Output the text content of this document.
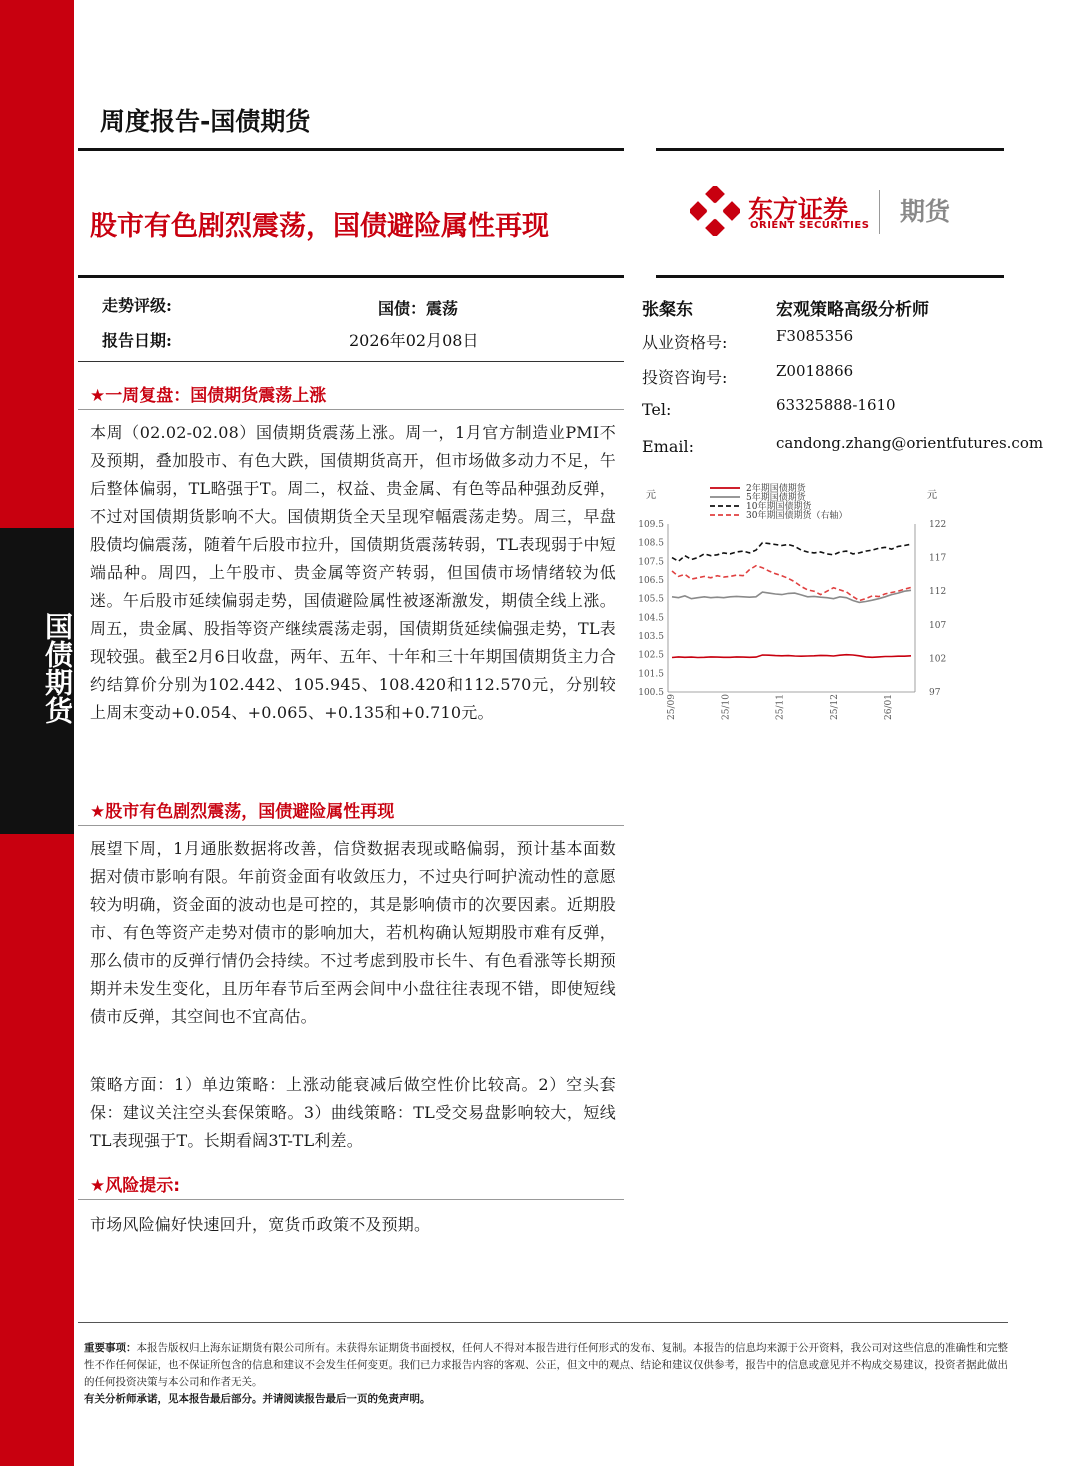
国债期货
周度报告-国债期货
股市有色剧烈震荡，国债避险属性再现
东方证券
ORIENT SECURITIES 期货
走势评级:	国债：震荡
报告日期:	2026年02月08日
张粲东	宏观策略高级分析师
从业资格号:	F3085356
投资咨询号:	Z0018866
Tel:	63325888-1610
Email:	candong.zhang@orientfutures.com
元	元
109.5
108.5
107.5
106.5
105.5
104.5
103.5
102.5
101.5
100.5
122
117
112
107
102
97
25/09	25/10	25/11	25/12	26/01
2年期国债期货
5年期国债期货
10年期国债期货
30年期国债期货（右轴）
★一周复盘：国债期货震荡上涨
本周（02.02-02.08）国债期货震荡上涨。周一，1月官方制造业PMI不及预期，叠加股市、有色大跌，国债期货高开，但市场做多动力不足，午后整体偏弱，TL略强于T。周二，权益、贵金属、有色等品种强劲反弹，不过对国债期货影响不大。国债期货全天呈现窄幅震荡走势。周三，早盘股债均偏震荡，随着午后股市拉升，国债期货震荡转弱，TL表现弱于中短端品种。周四，上午股市、贵金属等资产转弱，但国债市场情绪较为低迷。午后股市延续偏弱走势，国债避险属性被逐渐激发，期债全线上涨。周五，贵金属、股指等资产继续震荡走弱，国债期货延续偏强走势，TL表现较强。截至2月6日收盘，两年、五年、十年和三十年期国债期货主力合约结算价分别为102.442、105.945、108.420和112.570元，分别较上周末变动+0.054、+0.065、+0.135和+0.710元。
★股市有色剧烈震荡，国债避险属性再现
展望下周，1月通胀数据将改善，信贷数据表现或略偏弱，预计基本面数据对债市影响有限。年前资金面有收敛压力，不过央行呵护流动性的意愿较为明确，资金面的波动也是可控的，其是影响债市的次要因素。近期股市、有色等资产走势对债市的影响加大，若机构确认短期股市难有反弹，那么债市的反弹行情仍会持续。不过考虑到股市长牛、有色看涨等长期预期并未发生变化，且历年春节后至两会间中小盘往往表现不错，即使短线债市反弹，其空间也不宜高估。
策略方面：1）单边策略：上涨动能衰减后做空性价比较高。2）空头套保：建议关注空头套保策略。3）曲线策略：TL受交易盘影响较大，短线TL表现强于T。长期看阔3T-TL利差。
★风险提示:
市场风险偏好快速回升，宽货币政策不及预期。
重要事项：本报告版权归上海东证期货有限公司所有。未获得东证期货书面授权，任何人不得对本报告进行任何形式的发布、复制。本报告的信息均来源于公开资料，我公司对这些信息的准确性和完整性不作任何保证，也不保证所包含的信息和建议不会发生任何变更。我们已力求报告内容的客观、公正，但文中的观点、结论和建议仅供参考，报告中的信息或意见并不构成交易建议，投资者据此做出的任何投资决策与本公司和作者无关。
有关分析师承诺，见本报告最后部分。并请阅读报告最后一页的免责声明。
